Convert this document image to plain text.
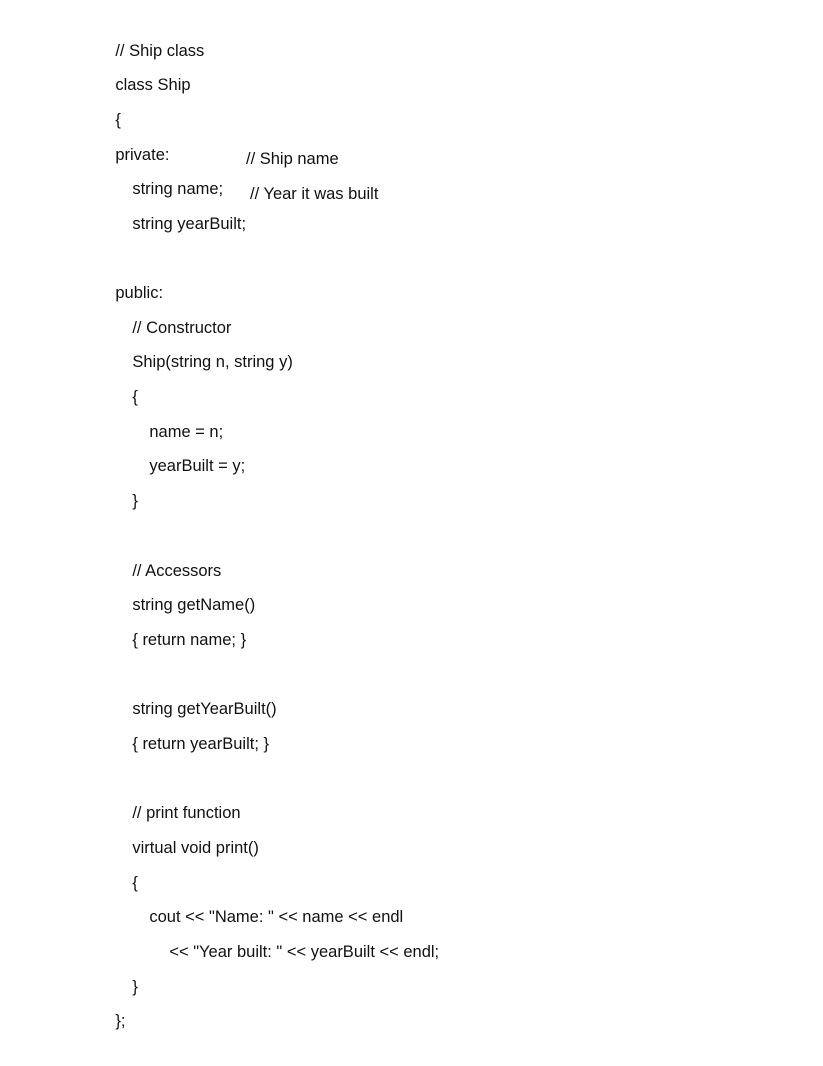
// Ship class

class Ship

{

private:

string name;

// Ship name

string yearBuilt;

// Year it was built

public:

// Constructor

Ship(string n, string y)

{

name = n;

yearBuilt = y;

}

// Accessors

string getName()

{ return name; }

string getYearBuilt()

{ return yearBuilt; }

// print function

virtual void print()

{

cout << "Name: " << name << endl

<< "Year built: " << yearBuilt << endl;

}

};
